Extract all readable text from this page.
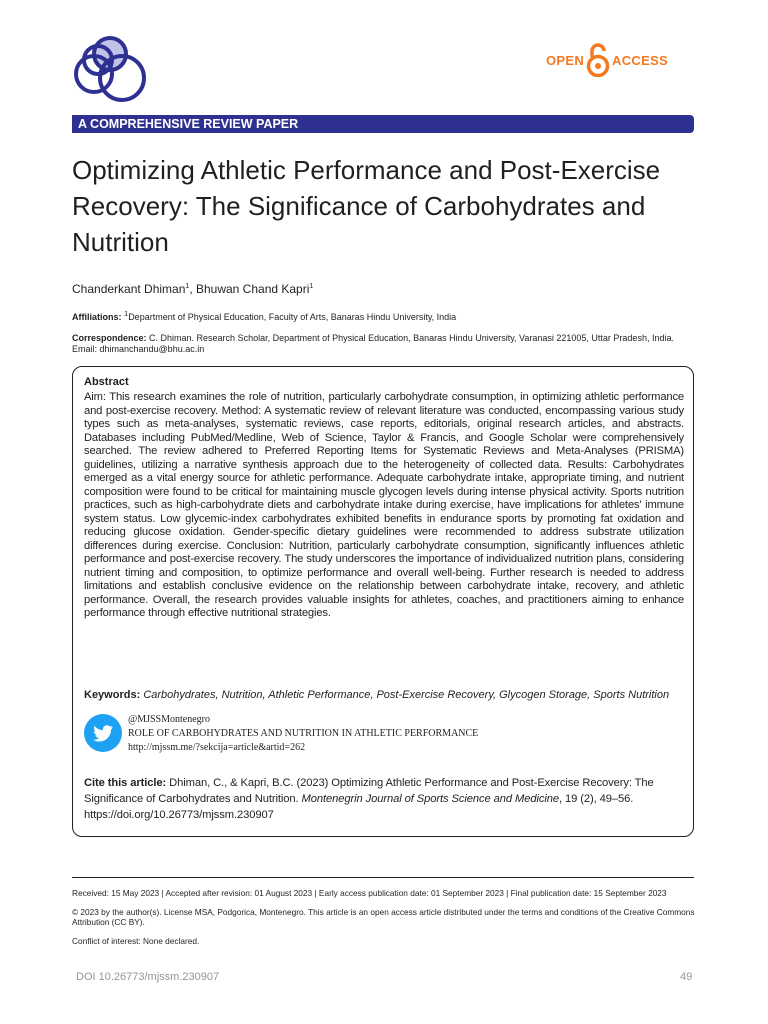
OPEN ACCESS
A COMPREHENSIVE REVIEW PAPER
Optimizing Athletic Performance and Post-Exercise Recovery: The Significance of Carbohydrates and Nutrition
Chanderkant Dhiman$^1$, Bhuwan Chand Kapri$^1$
Affiliations: $^1$Department of Physical Education, Faculty of Arts, Banaras Hindu University, India
Correspondence: C. Dhiman. Research Scholar, Department of Physical Education, Banaras Hindu University, Varanasi 221005, Uttar Pradesh, India. Email: dhimanchandu@bhu.ac.in
Abstract

Aim: This research examines the role of nutrition, particularly carbohydrate consumption, in optimizing athletic performance and post-exercise recovery. Method: A systematic review of relevant literature was conducted, encompassing various study types such as meta-analyses, systematic reviews, case reports, editorials, original research articles, and abstracts. Databases including PubMed/Medline, Web of Science, Taylor & Francis, and Google Scholar were comprehensively searched. The review adhered to Preferred Reporting Items for Systematic Reviews and Meta-Analyses (PRISMA) guidelines, utilizing a narrative synthesis approach due to the heterogeneity of collected data. Results: Carbohydrates emerged as a vital energy source for athletic performance. Adequate carbohydrate intake, appropriate timing, and nutrient composition were found to be critical for maintaining muscle glycogen levels during intense physical activity. Sports nutrition practices, such as high-carbohydrate diets and carbohydrate intake during exercise, have implications for athletes' immune system status. Low glycemic-index carbohydrates exhibited benefits in endurance sports by promoting fat oxidation and reducing glucose oxidation. Gender-specific dietary guidelines were recommended to address substrate utilization differences during exercise. Conclusion: Nutrition, particularly carbohydrate consumption, significantly influences athletic performance and post-exercise recovery. The study underscores the importance of individualized nutrition plans, considering nutrient timing and composition, to optimize performance and overall well-being. Further research is needed to address limitations and establish conclusive evidence on the relationship between carbohydrate intake, recovery, and athletic performance. Overall, the research provides valuable insights for athletes, coaches, and practitioners aiming to enhance performance through effective nutritional strategies.

Keywords: Carbohydrates, Nutrition, Athletic Performance, Post-Exercise Recovery, Glycogen Storage, Sports Nutrition
@MJSSMontenegro
ROLE OF CARBOHYDRATES AND NUTRITION IN ATHLETIC PERFORMANCE
http://mjssm.me/?sekcija=article&artid=262
Cite this article: Dhiman, C., & Kapri, B.C. (2023) Optimizing Athletic Performance and Post-Exercise Recovery: The Significance of Carbohydrates and Nutrition. Montenegrin Journal of Sports Science and Medicine, 19 (2), 49–56.
https://doi.org/10.26773/mjssm.230907
Received: 15 May 2023 | Accepted after revision: 01 August 2023 | Early access publication date: 01 September 2023 | Final publication date: 15 September 2023
© 2023 by the author(s). License MSA, Podgorica, Montenegro. This article is an open access article distributed under the terms and conditions of the Creative Commons Attribution (CC BY).
Conflict of interest: None declared.
DOI 10.26773/mjssm.230907	49
